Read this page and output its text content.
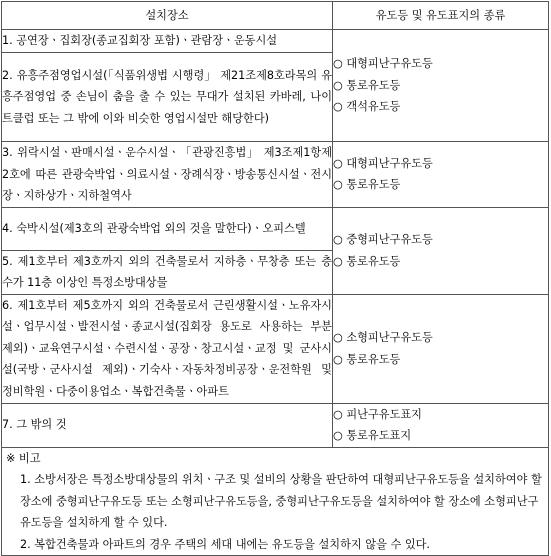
설치장소	유도등 및 유도표지의 종류
1. 공연장ㆍ집회장(종교집회장 포함)ㆍ관람장ㆍ운동시설	○ 대형피난구유도등
○ 통로유도등
○ 객석유도등

2. 유흥주점영업시설(「식품위생법 시행령」 제21조제8호라목의 유흥주점영업 중 손님이 춤을 출 수 있는 무대가 설치된 카바레, 나이트클럽 또는 그 밖에 이와 비슷한 영업시설만 해당한다)	
3. 위락시설ㆍ판매시설ㆍ운수시설ㆍ「관광진흥법」 제3조제1항제2호에 따른 관광숙박업ㆍ의료시설ㆍ장례식장ㆍ방송통신시설ㆍ전시장ㆍ지하상가ㆍ지하철역사	○ 대형피난구유도등
○ 통로유도등

4. 숙박시설(제3호의 관광숙박업 외의 것을 말한다)ㆍ오피스텔	○ 중형피난구유도등
○ 통로유도등

5. 제1호부터 제3호까지 외의 건축물로서 지하층ㆍ무창층 또는 층수가 11층 이상인 특정소방대상물	
6. 제1호부터 제5호까지 외의 건축물로서 근린생활시설ㆍ노유자시설ㆍ업무시설ㆍ발전시설ㆍ종교시설(집회장 용도로 사용하는 부분 제외)ㆍ교육연구시설ㆍ수련시설ㆍ공장ㆍ창고시설ㆍ교정 및 군사시설(국방ㆍ군사시설 제외)ㆍ기숙사ㆍ자동차정비공장ㆍ운전학원 및 정비학원ㆍ다중이용업소ㆍ복합건축물ㆍ아파트	○ 소형피난구유도등
○ 통로유도등

7. 그 밖의 것	○ 피난구유도표지
○ 통로유도표지

※ 비고
1. 소방서장은 특정소방대상물의 위치ㆍ구조 및 설비의 상황을 판단하여 대형피난구유도등을 설치하여야 할 장소에 중형피난구유도등 또는 소형피난구유도등을, 중형피난구유도등을 설치하여야 할 장소에 소형피난구유도등을 설치하게 할 수 있다.
2. 복합건축물과 아파트의 경우 주택의 세대 내에는 유도등을 설치하지 않을 수 있다.	
